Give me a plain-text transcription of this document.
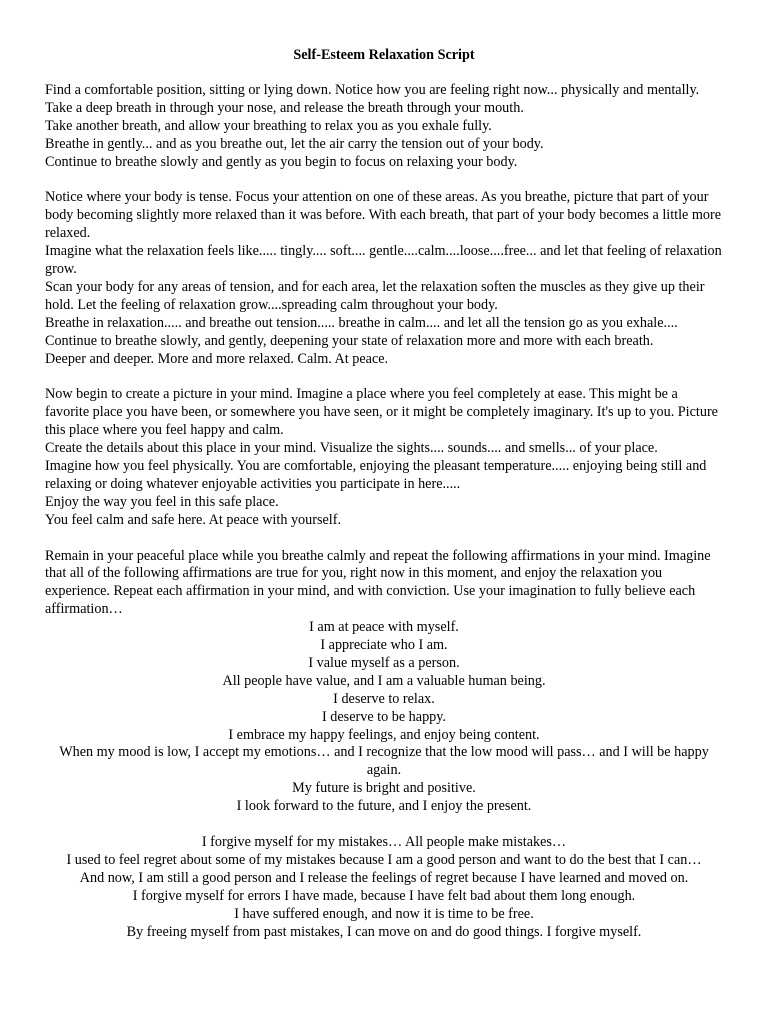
Self-Esteem Relaxation Script

Find a comfortable position, sitting or lying down. Notice how you are feeling right now... physically and mentally.

Take a deep breath in through your nose, and release the breath through your mouth.

Take another breath, and allow your breathing to relax you as you exhale fully.

Breathe in gently... and as you breathe out, let the air carry the tension out of your body.

Continue to breathe slowly and gently as you begin to focus on relaxing your body.

Notice where your body is tense. Focus your attention on one of these areas. As you breathe, picture that part of your body becoming slightly more relaxed than it was before. With each breath, that part of your body becomes a little more relaxed.

Imagine what the relaxation feels like..... tingly.... soft.... gentle....calm....loose....free... and let that feeling of relaxation grow.

Scan your body for any areas of tension, and for each area, let the relaxation soften the muscles as they give up their hold. Let the feeling of relaxation grow....spreading calm throughout your body.

Breathe in relaxation..... and breathe out tension..... breathe in calm.... and let all the tension go as you exhale....

Continue to breathe slowly, and gently, deepening your state of relaxation more and more with each breath.

Deeper and deeper. More and more relaxed. Calm. At peace.

Now begin to create a picture in your mind. Imagine a place where you feel completely at ease. This might be a favorite place you have been, or somewhere you have seen, or it might be completely imaginary. It's up to you. Picture this place where you feel happy and calm.

Create the details about this place in your mind. Visualize the sights.... sounds.... and smells... of your place.

Imagine how you feel physically. You are comfortable, enjoying the pleasant temperature..... enjoying being still and relaxing or doing whatever enjoyable activities you participate in here.....

Enjoy the way you feel in this safe place.

You feel calm and safe here. At peace with yourself.

Remain in your peaceful place while you breathe calmly and repeat the following affirmations in your mind. Imagine that all of the following affirmations are true for you, right now in this moment, and enjoy the relaxation you experience. Repeat each affirmation in your mind, and with conviction. Use your imagination to fully believe each affirmation…

I am at peace with myself.

I appreciate who I am.

I value myself as a person.

All people have value, and I am a valuable human being.

I deserve to relax.

I deserve to be happy.

I embrace my happy feelings, and enjoy being content.

When my mood is low, I accept my emotions… and I recognize that the low mood will pass… and I will be happy again.

My future is bright and positive.

I look forward to the future, and I enjoy the present.

I forgive myself for my mistakes… All people make mistakes…

I used to feel regret about some of my mistakes because I am a good person and want to do the best that I can…

And now, I am still a good person and I release the feelings of regret because I have learned and moved on.

I forgive myself for errors I have made, because I have felt bad about them long enough.

I have suffered enough, and now it is time to be free.

By freeing myself from past mistakes, I can move on and do good things. I forgive myself.
